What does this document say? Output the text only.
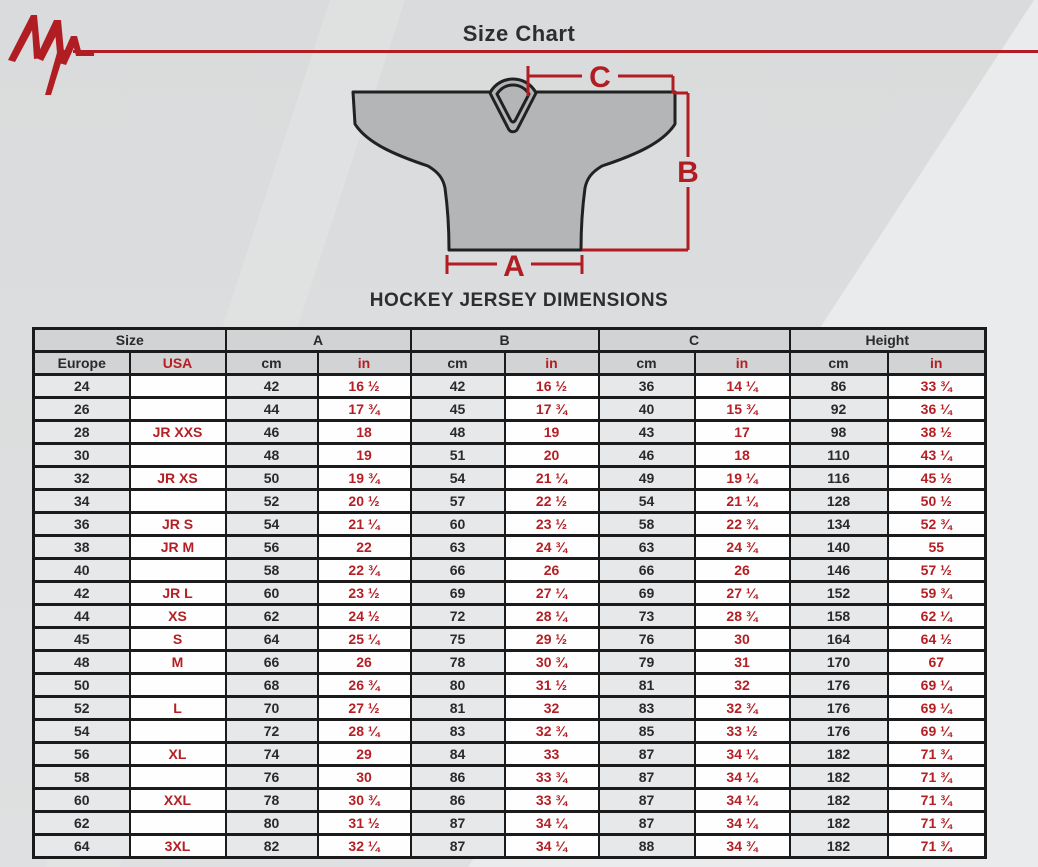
Size Chart
C
B
A
HOCKEY JERSEY DIMENSIONS
Size		A		B		C		Height	
Europe	USA	cm	in	cm	in	cm	in	cm	in
24		42	16 ½	42	16 ½	36	14 ¼	86	33 ¾
26		44	17 ¾	45	17 ¾	40	15 ¾	92	36 ¼
28	JR XXS	46	18	48	19	43	17	98	38 ½
30		48	19	51	20	46	18	110	43 ¼
32	JR XS	50	19 ¾	54	21 ¼	49	19 ¼	116	45 ½
34		52	20 ½	57	22 ½	54	21 ¼	128	50 ½
36	JR S	54	21 ¼	60	23 ½	58	22 ¾	134	52 ¾
38	JR M	56	22	63	24 ¾	63	24 ¾	140	55
40		58	22 ¾	66	26	66	26	146	57 ½
42	JR L	60	23 ½	69	27 ¼	69	27 ¼	152	59 ¾
44	XS	62	24 ½	72	28 ¼	73	28 ¾	158	62 ¼
45	S	64	25 ¼	75	29 ½	76	30	164	64 ½
48	M	66	26	78	30 ¾	79	31	170	67
50		68	26 ¾	80	31 ½	81	32	176	69 ¼
52	L	70	27 ½	81	32	83	32 ¾	176	69 ¼
54		72	28 ¼	83	32 ¾	85	33 ½	176	69 ¼
56	XL	74	29	84	33	87	34 ¼	182	71 ¾
58		76	30	86	33 ¾	87	34 ¼	182	71 ¾
60	XXL	78	30 ¾	86	33 ¾	87	34 ¼	182	71 ¾
62		80	31 ½	87	34 ¼	87	34 ¼	182	71 ¾
64	3XL	82	32 ¼	87	34 ¼	88	34 ¾	182	71 ¾
